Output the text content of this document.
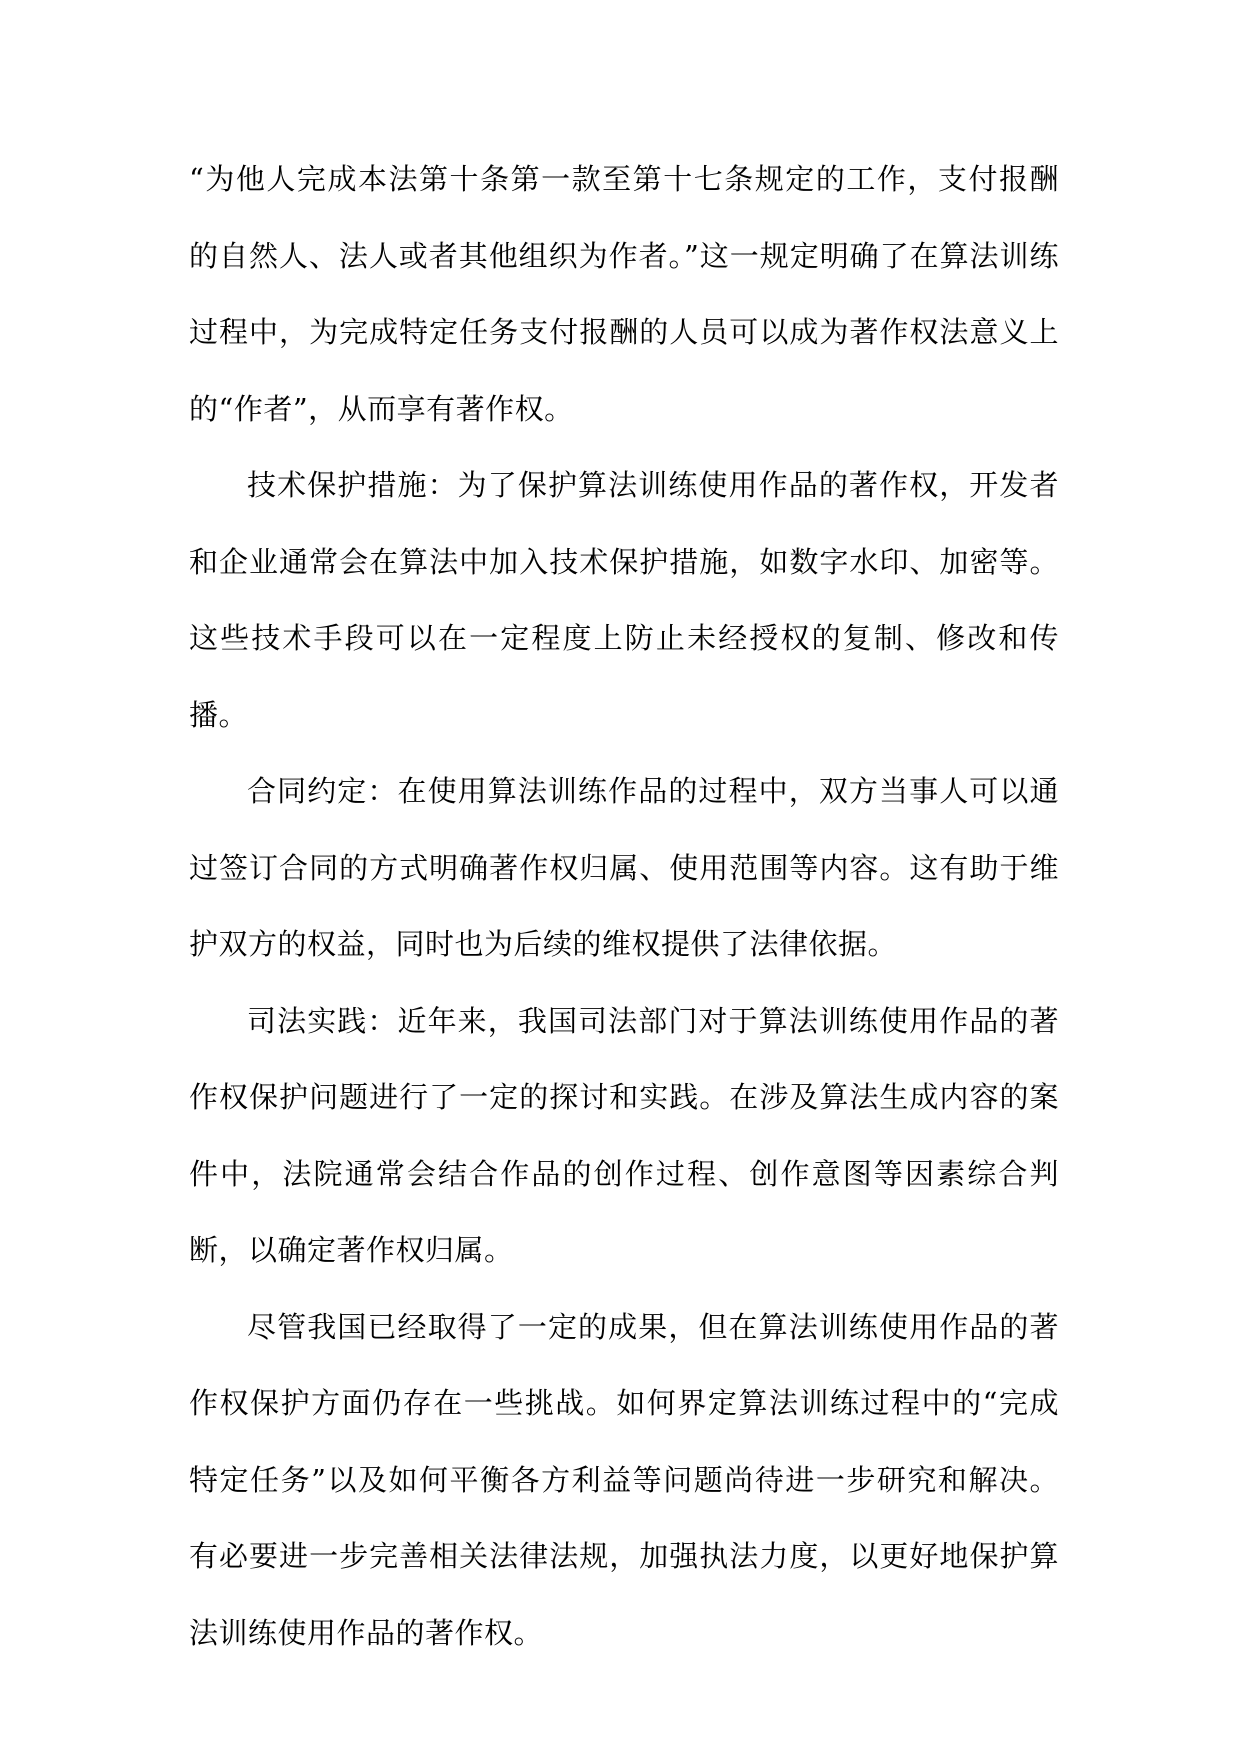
“为他人完成本法第十条第一款至第十七条规定的工作，支付报酬的自然人、法人或者其他组织为作者。”这一规定明确了在算法训练过程中，为完成特定任务支付报酬的人员可以成为著作权法意义上的“作者”，从而享有著作权。

技术保护措施：为了保护算法训练使用作品的著作权，开发者和企业通常会在算法中加入技术保护措施，如数字水印、加密等。这些技术手段可以在一定程度上防止未经授权的复制、修改和传播。

合同约定：在使用算法训练作品的过程中，双方当事人可以通过签订合同的方式明确著作权归属、使用范围等内容。这有助于维护双方的权益，同时也为后续的维权提供了法律依据。

司法实践：近年来，我国司法部门对于算法训练使用作品的著作权保护问题进行了一定的探讨和实践。在涉及算法生成内容的案件中，法院通常会结合作品的创作过程、创作意图等因素综合判断，以确定著作权归属。

尽管我国已经取得了一定的成果，但在算法训练使用作品的著作权保护方面仍存在一些挑战。如何界定算法训练过程中的“完成特定任务”以及如何平衡各方利益等问题尚待进一步研究和解决。有必要进一步完善相关法律法规，加强执法力度，以更好地保护算法训练使用作品的著作权。
